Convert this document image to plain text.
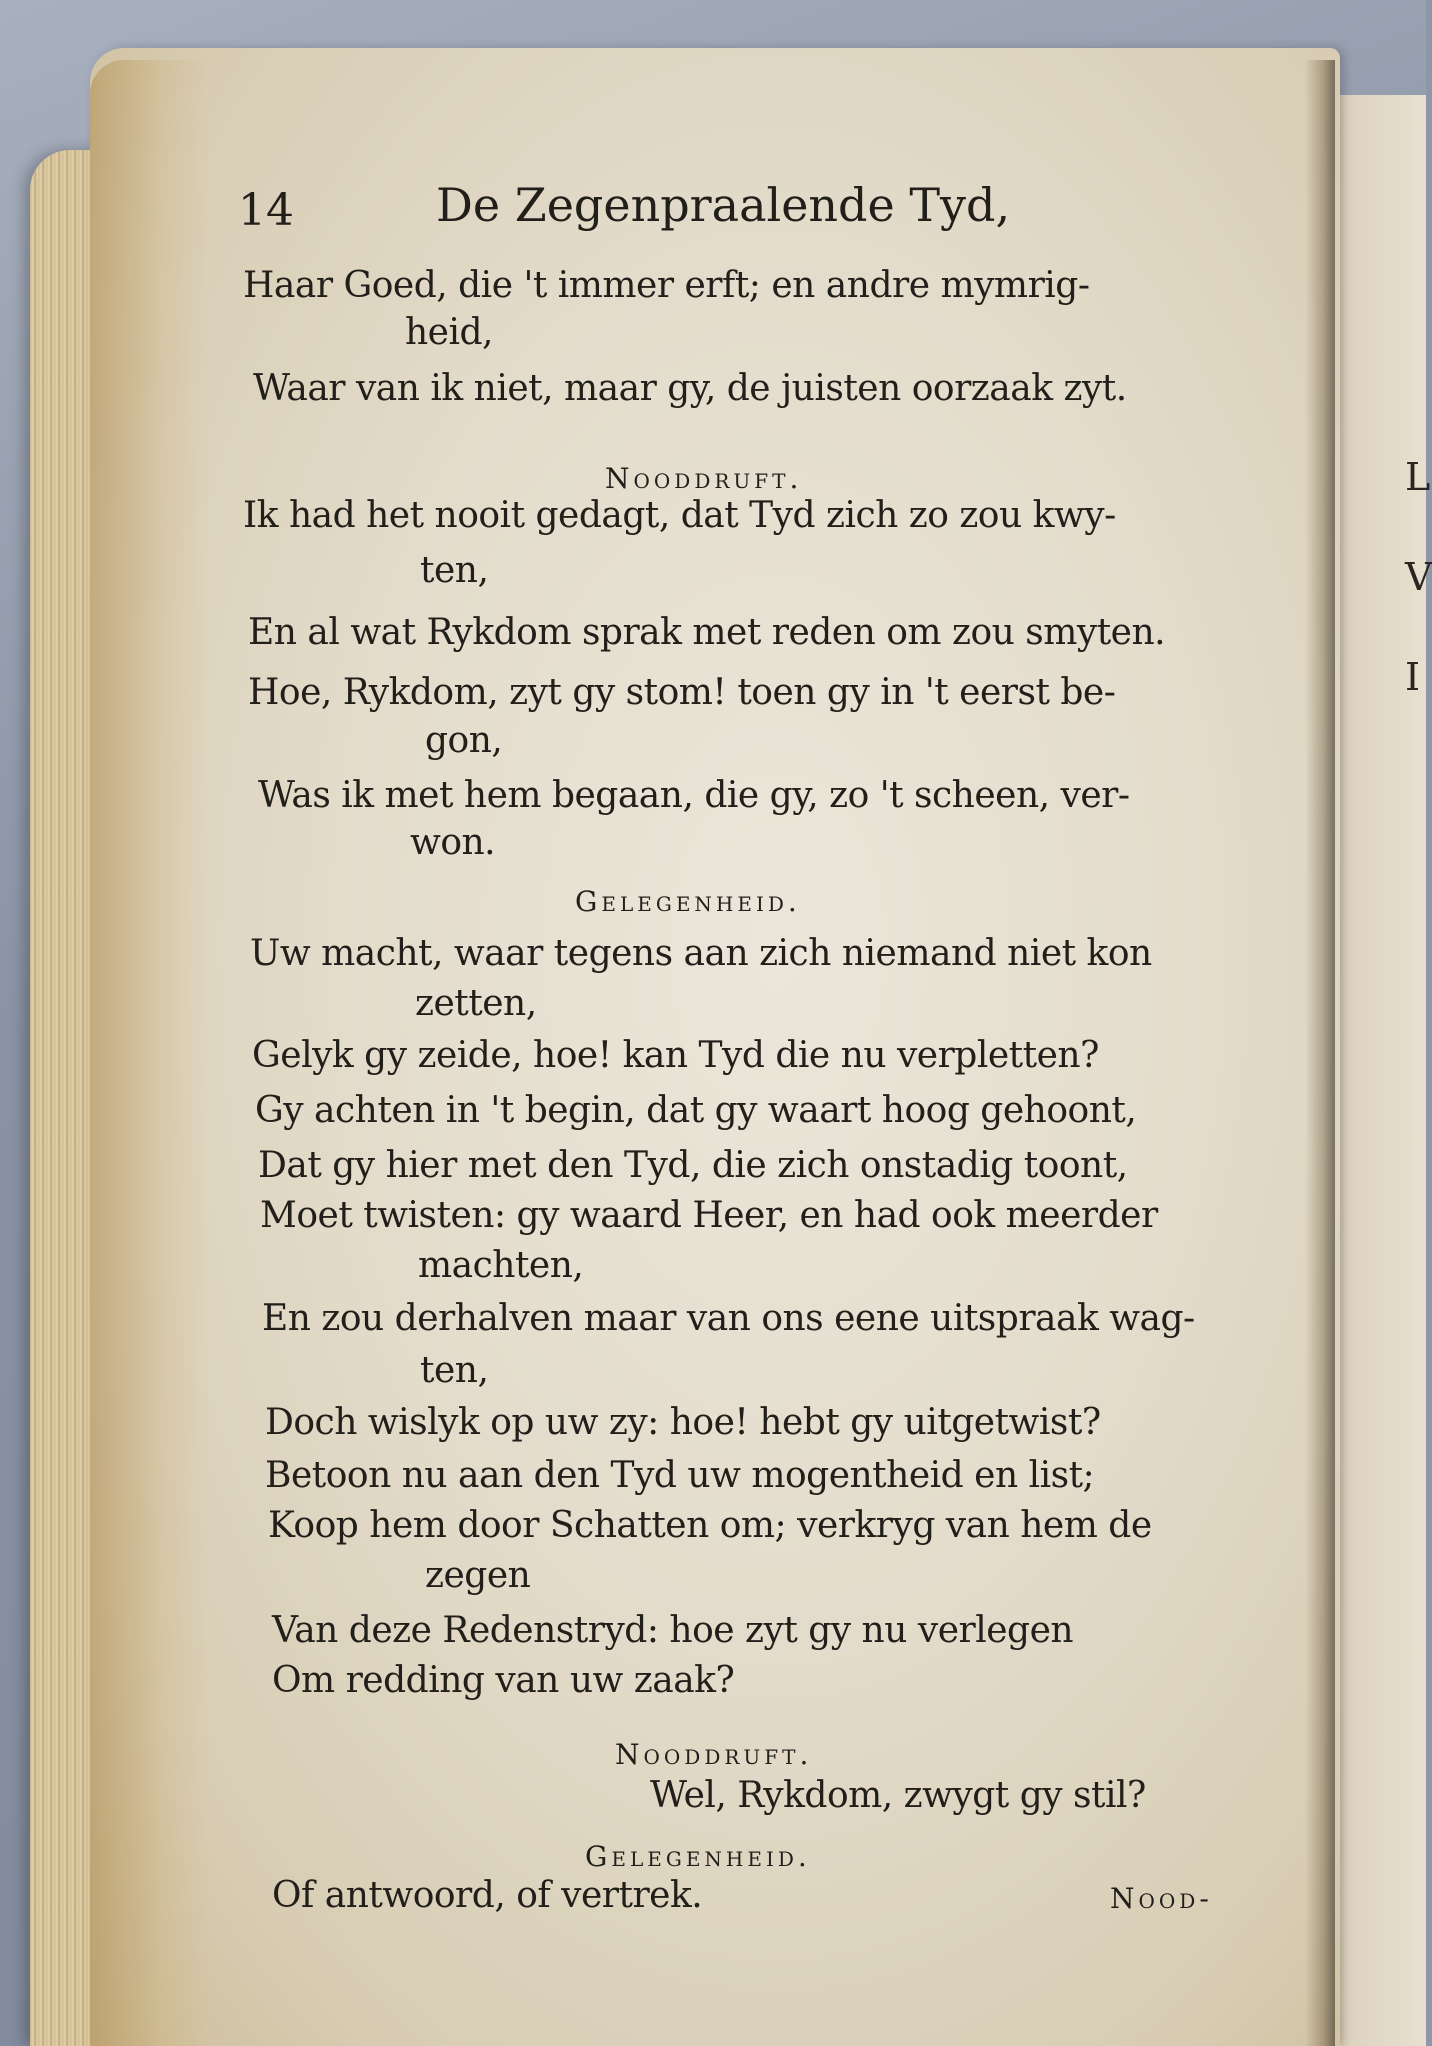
L
V
I
14	De Zegenpraalende Tyd,
Haar Goed, die 't immer erft; en andre mymrig-
heid,
Waar van ik niet, maar gy, de juisten oorzaak zyt.
Nooddruft.
Ik had het nooit gedagt, dat Tyd zich zo zou kwy-
ten,
En al wat Rykdom sprak met reden om zou smyten.
Hoe, Rykdom, zyt gy stom! toen gy in 't eerst be-
gon,
Was ik met hem begaan, die gy, zo 't scheen, ver-
won.
Gelegenheid.
Uw macht, waar tegens aan zich niemand niet kon
zetten,
Gelyk gy zeide, hoe! kan Tyd die nu verpletten?
Gy achten in 't begin, dat gy waart hoog gehoont,
Dat gy hier met den Tyd, die zich onstadig toont,
Moet twisten: gy waard Heer, en had ook meerder
machten,
En zou derhalven maar van ons eene uitspraak wag-
ten,
Doch wislyk op uw zy: hoe! hebt gy uitgetwist?
Betoon nu aan den Tyd uw mogentheid en list;
Koop hem door Schatten om; verkryg van hem de
zegen
Van deze Redenstryd: hoe zyt gy nu verlegen
Om redding van uw zaak?
Nooddruft.
Wel, Rykdom, zwygt gy stil?
Gelegenheid.
Of antwoord, of vertrek.	Nood-
